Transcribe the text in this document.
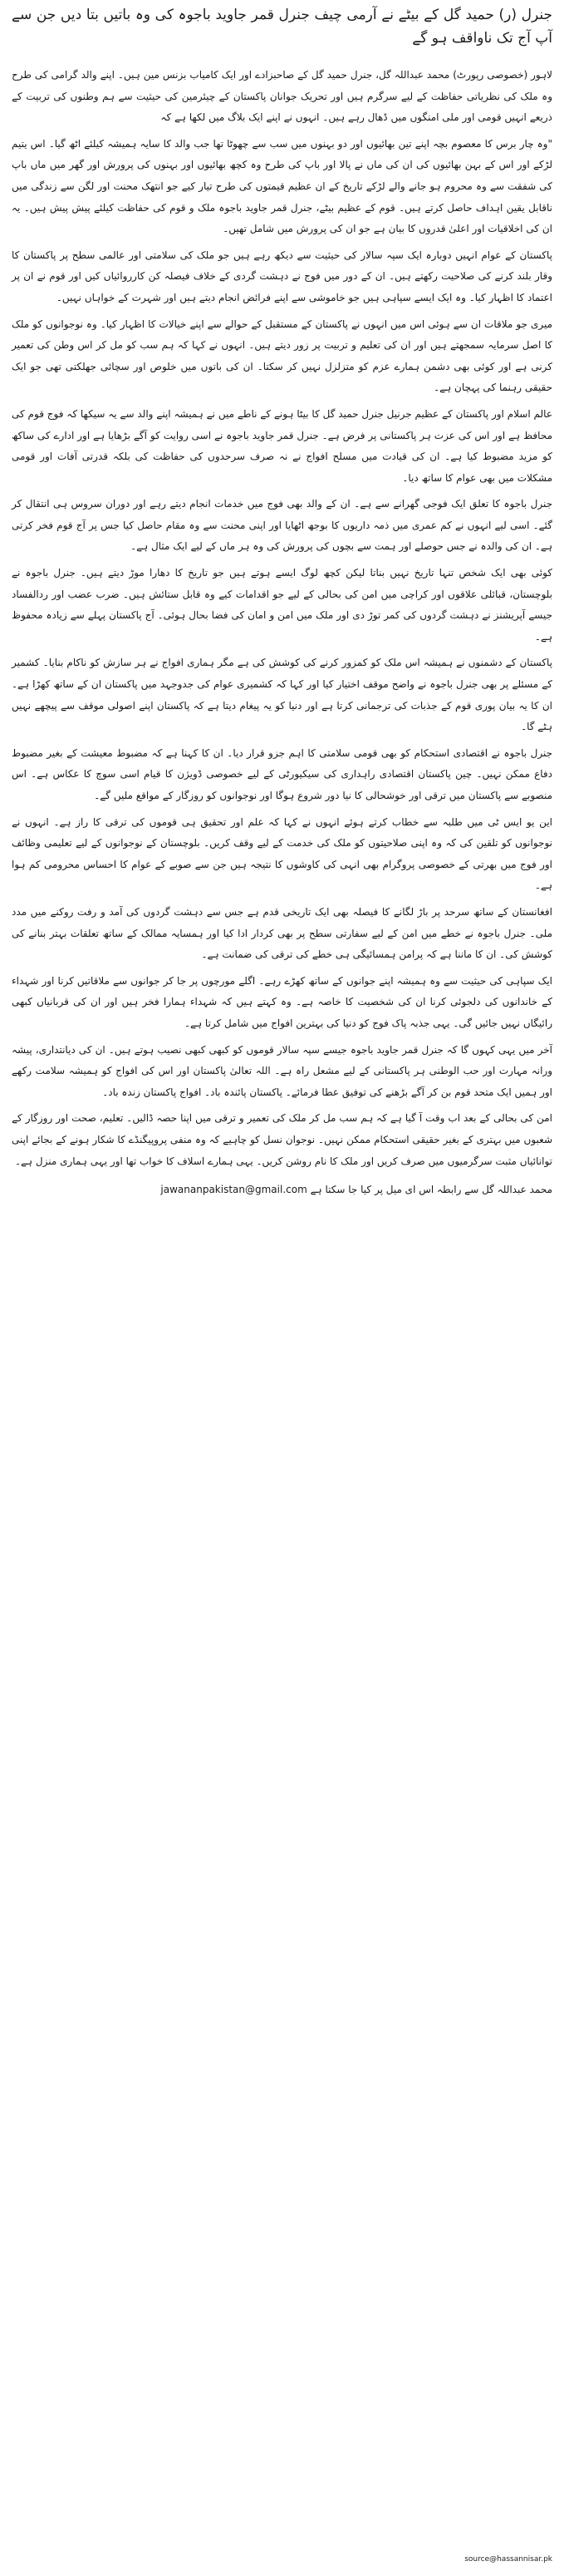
جنرل (ر) حمید گل کے بیٹے نے آرمی چیف جنرل قمر جاوید باجوہ کی وہ باتیں بتا دیں جن سے آپ آج تک ناواقف ہو گے
لاہور (خصوصی رپورٹ) محمد عبداللہ گل، جنرل حمید گل کے صاحبزادے اور ایک کامیاب بزنس مین ہیں۔ اپنے والد گرامی کی طرح وہ ملک کی نظریاتی حفاظت کے لیے سرگرم ہیں اور تحریک جوانان پاکستان کے چیئرمین کی حیثیت سے ہم وطنوں کی تربیت کے ذریعے انہیں قومی اور ملی امنگوں میں ڈھال رہے ہیں۔ انہوں نے اپنے ایک بلاگ میں لکھا ہے کہ
"وہ چار برس کا معصوم بچہ اپنے تین بھائیوں اور دو بہنوں میں سب سے چھوٹا تھا جب والد کا سایہ ہمیشہ کیلئے اٹھ گیا۔ اس یتیم لڑکے اور اس کے بہن بھائیوں کی ان کی ماں نے پالا اور باپ کی طرح وہ کچھ بھائیوں اور بہنوں کی پرورش اور گھر میں ماں باپ کی شفقت سے وہ محروم ہو جانے والے لڑکے تاریخ کے ان عظیم قیمتوں کی طرح تیار کیے جو انتھک محنت اور لگن سے زندگی میں ناقابل یقین اہداف حاصل کرتے ہیں۔ قوم کے عظیم بیٹے، جنرل قمر جاوید باجوہ ملک و قوم کی حفاظت کیلئے پیش پیش ہیں۔ یہ ان کی اخلاقیات اور اعلیٰ قدروں کا بیان ہے جو ان کی پرورش میں شامل تھیں۔
پاکستان کے عوام انہیں دوبارہ ایک سپہ سالار کی حیثیت سے دیکھ رہے ہیں جو ملک کی سلامتی اور عالمی سطح پر پاکستان کا وقار بلند کرنے کی صلاحیت رکھتے ہیں۔ ان کے دور میں فوج نے دہشت گردی کے خلاف فیصلہ کن کارروائیاں کیں اور قوم نے ان پر اعتماد کا اظہار کیا۔ وہ ایک ایسے سپاہی ہیں جو خاموشی سے اپنے فرائض انجام دیتے ہیں اور شہرت کے خواہاں نہیں۔
میری جو ملاقات ان سے ہوئی اس میں انہوں نے پاکستان کے مستقبل کے حوالے سے اپنے خیالات کا اظہار کیا۔ وہ نوجوانوں کو ملک کا اصل سرمایہ سمجھتے ہیں اور ان کی تعلیم و تربیت پر زور دیتے ہیں۔ انہوں نے کہا کہ ہم سب کو مل کر اس وطن کی تعمیر کرنی ہے اور کوئی بھی دشمن ہمارے عزم کو متزلزل نہیں کر سکتا۔ ان کی باتوں میں خلوص اور سچائی جھلکتی تھی جو ایک حقیقی رہنما کی پہچان ہے۔
عالم اسلام اور پاکستان کے عظیم جرنیل جنرل حمید گل کا بیٹا ہونے کے ناطے میں نے ہمیشہ اپنے والد سے یہ سیکھا کہ فوج قوم کی محافظ ہے اور اس کی عزت ہر پاکستانی پر فرض ہے۔ جنرل قمر جاوید باجوہ نے اسی روایت کو آگے بڑھایا ہے اور ادارے کی ساکھ کو مزید مضبوط کیا ہے۔ ان کی قیادت میں مسلح افواج نے نہ صرف سرحدوں کی حفاظت کی بلکہ قدرتی آفات اور قومی مشکلات میں بھی عوام کا ساتھ دیا۔
جنرل باجوہ کا تعلق ایک فوجی گھرانے سے ہے۔ ان کے والد بھی فوج میں خدمات انجام دیتے رہے اور دوران سروس ہی انتقال کر گئے۔ اسی لیے انہوں نے کم عمری میں ذمہ داریوں کا بوجھ اٹھایا اور اپنی محنت سے وہ مقام حاصل کیا جس پر آج قوم فخر کرتی ہے۔ ان کی والدہ نے جس حوصلے اور ہمت سے بچوں کی پرورش کی وہ ہر ماں کے لیے ایک مثال ہے۔
کوئی بھی ایک شخص تنہا تاریخ نہیں بناتا لیکن کچھ لوگ ایسے ہوتے ہیں جو تاریخ کا دھارا موڑ دیتے ہیں۔ جنرل باجوہ نے بلوچستان، قبائلی علاقوں اور کراچی میں امن کی بحالی کے لیے جو اقدامات کیے وہ قابل ستائش ہیں۔ ضرب عضب اور ردالفساد جیسے آپریشنز نے دہشت گردوں کی کمر توڑ دی اور ملک میں امن و امان کی فضا بحال ہوئی۔ آج پاکستان پہلے سے زیادہ محفوظ ہے۔
پاکستان کے دشمنوں نے ہمیشہ اس ملک کو کمزور کرنے کی کوشش کی ہے مگر ہماری افواج نے ہر سازش کو ناکام بنایا۔ کشمیر کے مسئلے پر بھی جنرل باجوہ نے واضح موقف اختیار کیا اور کہا کہ کشمیری عوام کی جدوجہد میں پاکستان ان کے ساتھ کھڑا ہے۔ ان کا یہ بیان پوری قوم کے جذبات کی ترجمانی کرتا ہے اور دنیا کو یہ پیغام دیتا ہے کہ پاکستان اپنے اصولی موقف سے پیچھے نہیں ہٹے گا۔
جنرل باجوہ نے اقتصادی استحکام کو بھی قومی سلامتی کا اہم جزو قرار دیا۔ ان کا کہنا ہے کہ مضبوط معیشت کے بغیر مضبوط دفاع ممکن نہیں۔ چین پاکستان اقتصادی راہداری کی سیکیورٹی کے لیے خصوصی ڈویژن کا قیام اسی سوچ کا عکاس ہے۔ اس منصوبے سے پاکستان میں ترقی اور خوشحالی کا نیا دور شروع ہوگا اور نوجوانوں کو روزگار کے مواقع ملیں گے۔
این یو ایس ٹی میں طلبہ سے خطاب کرتے ہوئے انہوں نے کہا کہ علم اور تحقیق ہی قوموں کی ترقی کا راز ہے۔ انہوں نے نوجوانوں کو تلقین کی کہ وہ اپنی صلاحیتوں کو ملک کی خدمت کے لیے وقف کریں۔ بلوچستان کے نوجوانوں کے لیے تعلیمی وظائف اور فوج میں بھرتی کے خصوصی پروگرام بھی انہی کی کاوشوں کا نتیجہ ہیں جن سے صوبے کے عوام کا احساس محرومی کم ہوا ہے۔
افغانستان کے ساتھ سرحد پر باڑ لگانے کا فیصلہ بھی ایک تاریخی قدم ہے جس سے دہشت گردوں کی آمد و رفت روکنے میں مدد ملی۔ جنرل باجوہ نے خطے میں امن کے لیے سفارتی سطح پر بھی کردار ادا کیا اور ہمسایہ ممالک کے ساتھ تعلقات بہتر بنانے کی کوشش کی۔ ان کا ماننا ہے کہ پرامن ہمسائیگی ہی خطے کی ترقی کی ضمانت ہے۔
ایک سپاہی کی حیثیت سے وہ ہمیشہ اپنے جوانوں کے ساتھ کھڑے رہے۔ اگلے مورچوں پر جا کر جوانوں سے ملاقاتیں کرنا اور شہداء کے خاندانوں کی دلجوئی کرنا ان کی شخصیت کا خاصہ ہے۔ وہ کہتے ہیں کہ شہداء ہمارا فخر ہیں اور ان کی قربانیاں کبھی رائیگاں نہیں جائیں گی۔ یہی جذبہ پاک فوج کو دنیا کی بہترین افواج میں شامل کرتا ہے۔
آخر میں یہی کہوں گا کہ جنرل قمر جاوید باجوہ جیسے سپہ سالار قوموں کو کبھی کبھی نصیب ہوتے ہیں۔ ان کی دیانتداری، پیشہ ورانہ مہارت اور حب الوطنی ہر پاکستانی کے لیے مشعل راہ ہے۔ اللہ تعالیٰ پاکستان اور اس کی افواج کو ہمیشہ سلامت رکھے اور ہمیں ایک متحد قوم بن کر آگے بڑھنے کی توفیق عطا فرمائے۔ پاکستان پائندہ باد۔ افواج پاکستان زندہ باد۔
امن کی بحالی کے بعد اب وقت آ گیا ہے کہ ہم سب مل کر ملک کی تعمیر و ترقی میں اپنا حصہ ڈالیں۔ تعلیم، صحت اور روزگار کے شعبوں میں بہتری کے بغیر حقیقی استحکام ممکن نہیں۔ نوجوان نسل کو چاہیے کہ وہ منفی پروپیگنڈے کا شکار ہونے کے بجائے اپنی توانائیاں مثبت سرگرمیوں میں صرف کریں اور ملک کا نام روشن کریں۔ یہی ہمارے اسلاف کا خواب تھا اور یہی ہماری منزل ہے۔
محمد عبداللہ گل سے رابطہ اس ای میل پر کیا جا سکتا ہے jawananpakistan@gmail.com
source@hassannisar.pk
